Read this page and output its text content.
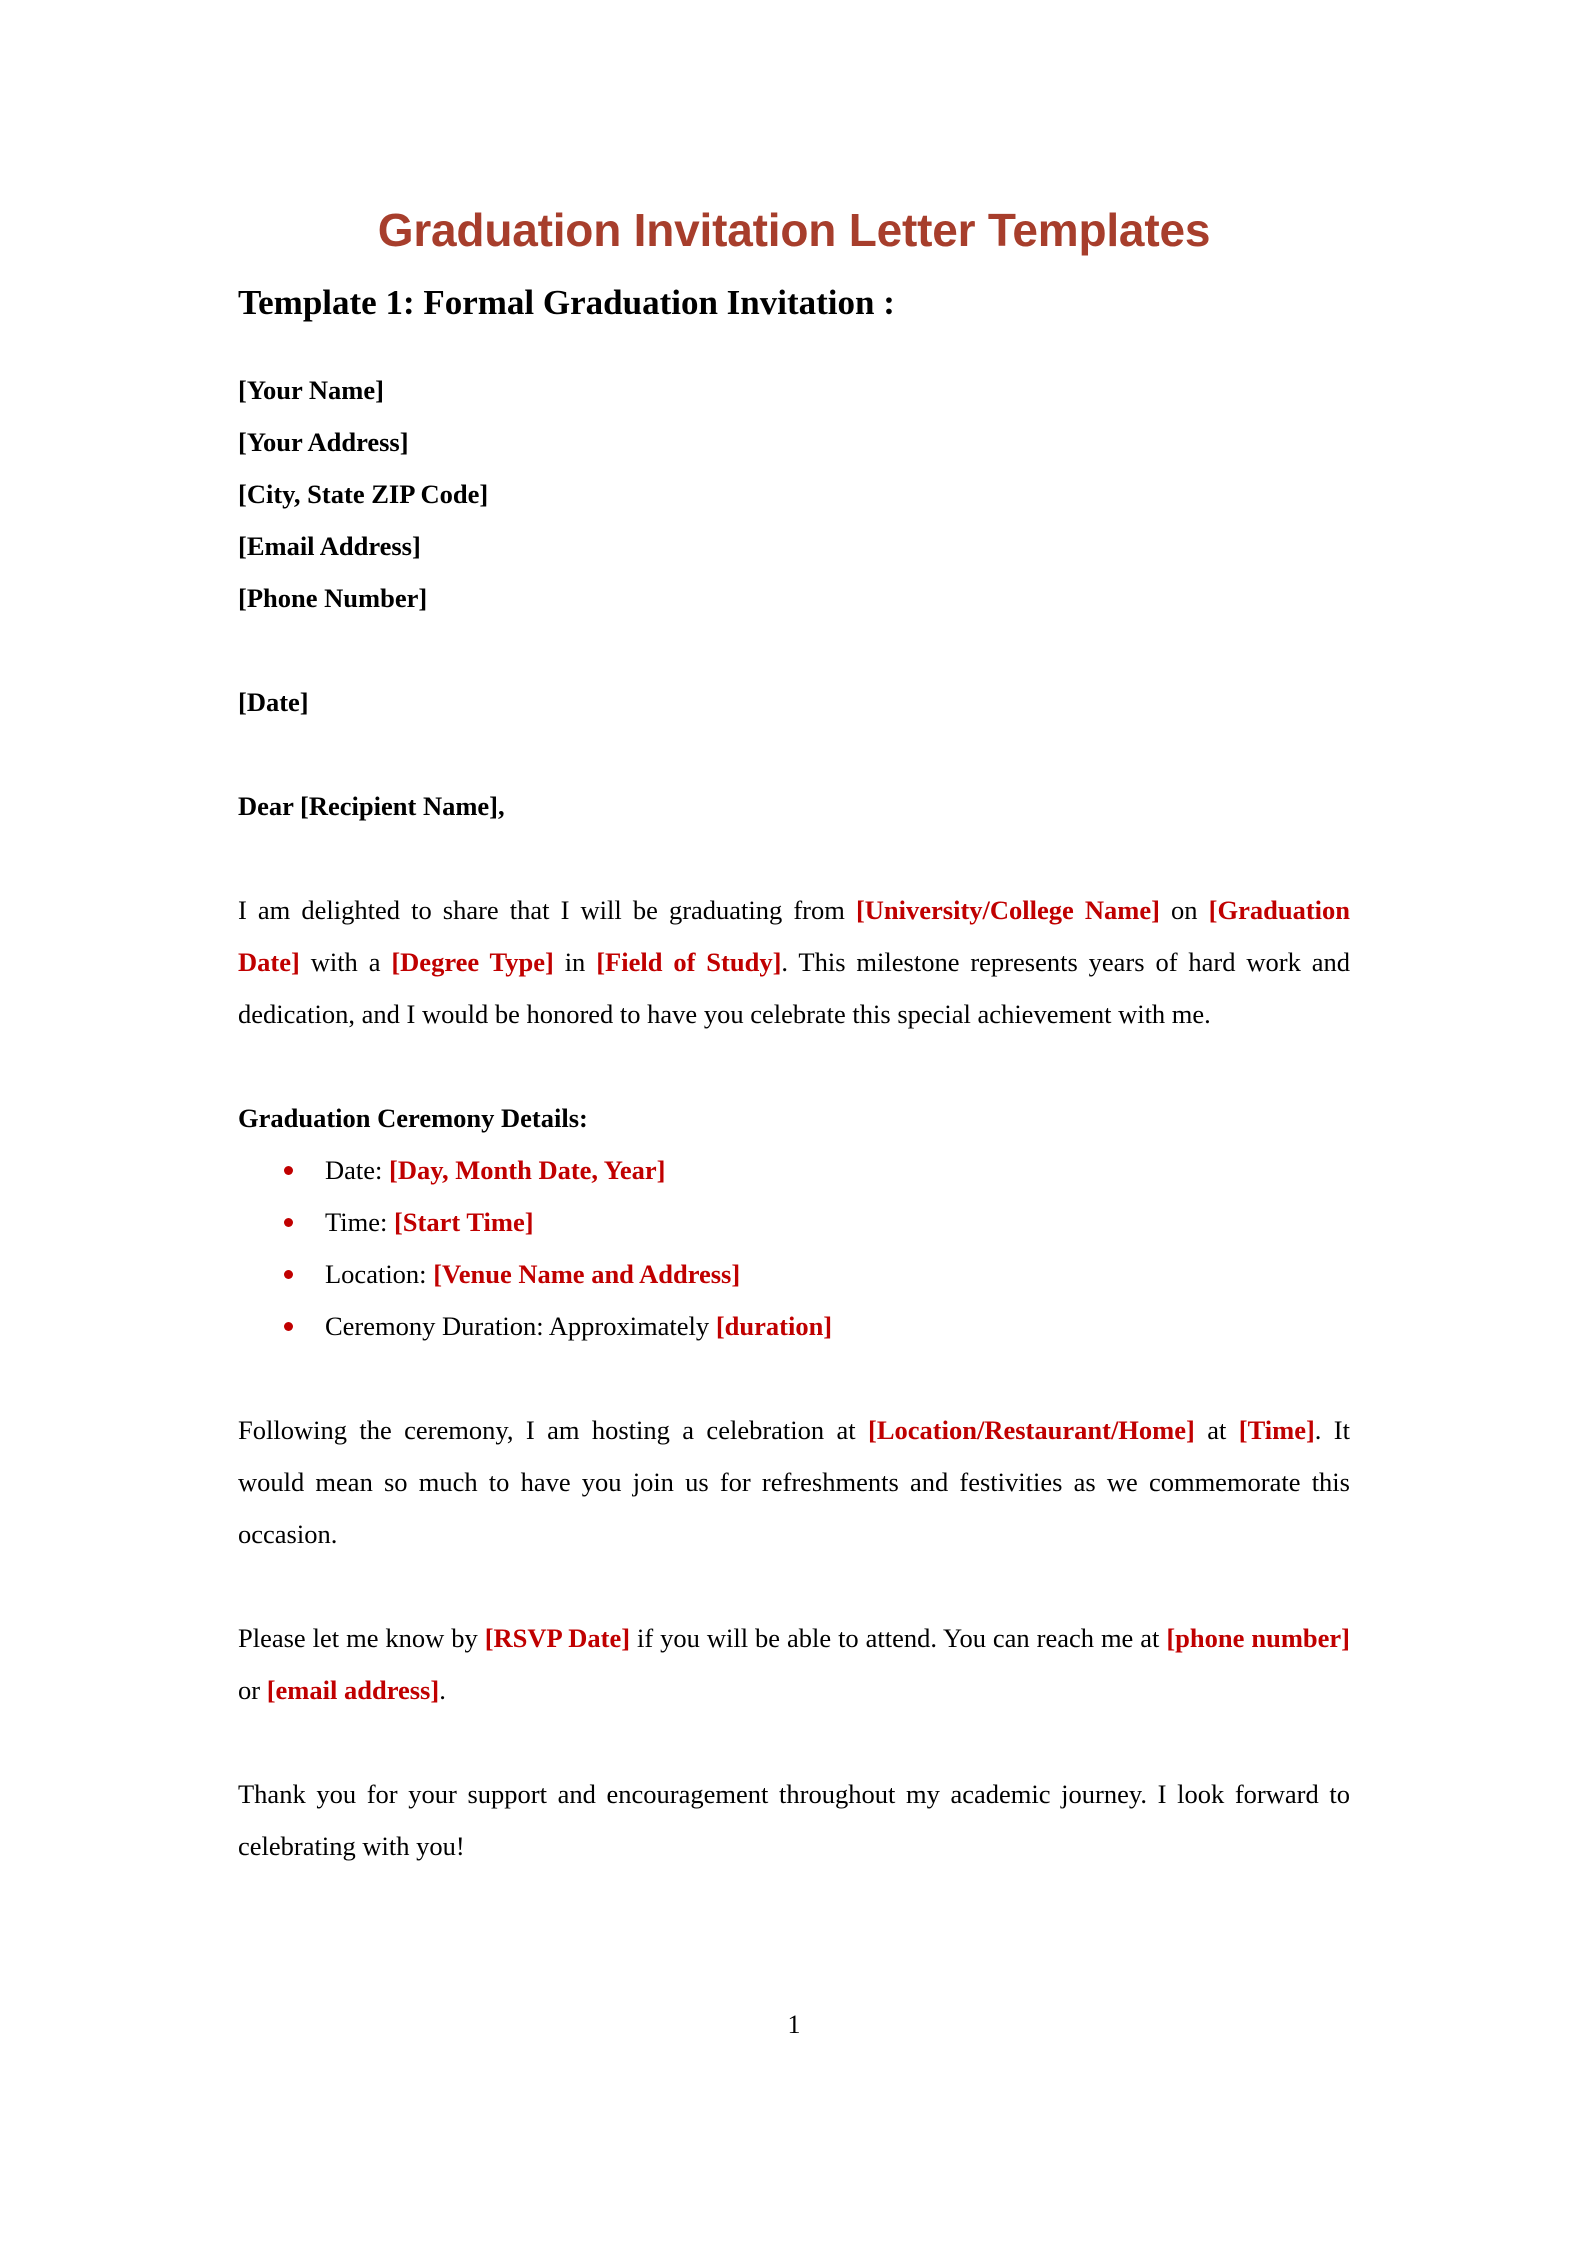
Graduation Invitation Letter Templates
Template 1: Formal Graduation Invitation :
[Your Name]
[Your Address]
[City, State ZIP Code]
[Email Address]
[Phone Number]
[Date]
Dear [Recipient Name],

I am delighted to share that I will be graduating from [University/College Name] on [Graduation Date] with a [Degree Type] in [Field of Study]. This milestone represents years of hard work and dedication, and I would be honored to have you celebrate this special achievement with me.

Graduation Ceremony Details:
Date: [Day, Month Date, Year]
Time: [Start Time]
Location: [Venue Name and Address]
Ceremony Duration: Approximately [duration]

Following the ceremony, I am hosting a celebration at [Location/Restaurant/Home] at [Time]. It would mean so much to have you join us for refreshments and festivities as we commemorate this occasion.

Please let me know by [RSVP Date] if you will be able to attend. You can reach me at [phone number] or [email address].

Thank you for your support and encouragement throughout my academic journey. I look forward to celebrating with you!

1
